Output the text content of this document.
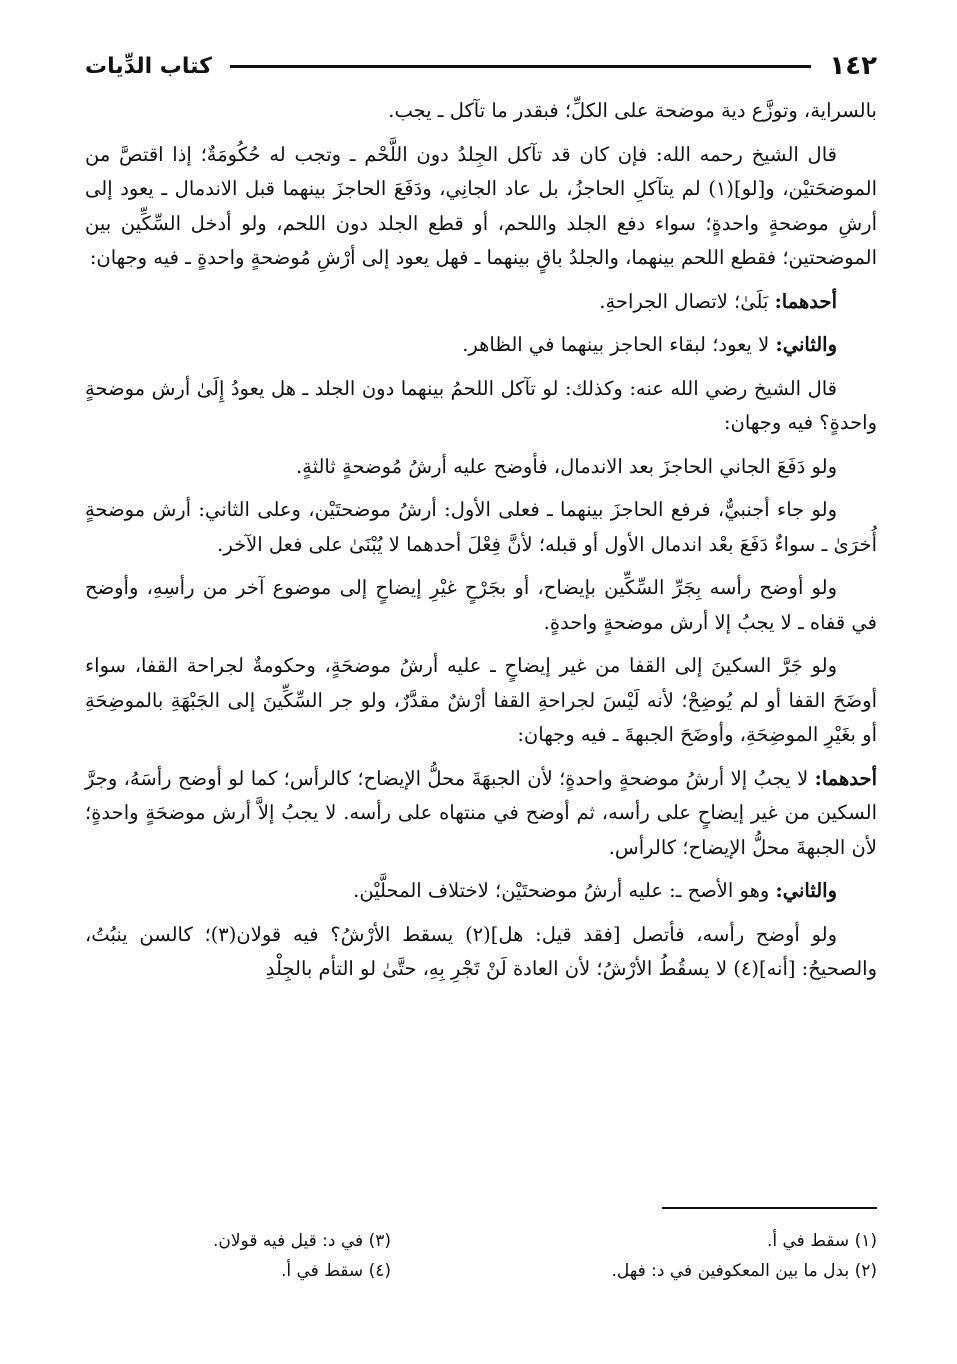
١٤٢
كتاب الدِّيات

بالسراية، وتوزَّع دية موضحة على الكلِّ؛ فبقدر ما تآكل ـ يجب.

قال الشيخ رحمه الله: فإن كان قد تآكل الجِلدُ دون اللَّحْم ـ وتجب له حُكُومَةٌ؛ إذا اقتصَّ من الموضحَتيْن، و[لو](١) لم يتآكلِ الحاجزُ، بل عاد الجانِي، ودَفَعَ الحاجزَ بينهما قبل الاندمال ـ يعود إلى أرشِ موضحةٍ واحدةٍ؛ سواء دفع الجلد واللحم، أو قطع الجلد دون اللحم، ولو أدخل السِّكِّين بين الموضحتين؛ فقطع اللحم بينهما، والجلدُ باقٍ بينهما ـ فهل يعود إلى أرْشِ مُوضحةٍ واحدةٍ ـ فيه وجهان:

أحدهما: بَلَىٰ؛ لاتصال الجراحةِ.

والثاني: لا يعود؛ لبقاء الحاجز بينهما في الظاهر.

قال الشيخ رضي الله عنه: وكذلك: لو تآكل اللحمُ بينهما دون الجلد ـ هل يعودُ إِلَىٰ أرش موضحةٍ واحدةٍ؟ فيه وجهان:

ولو دَفَعَ الجاني الحاجزَ بعد الاندمال، فأوضح عليه أرشُ مُوضحةٍ ثالثةٍ.

ولو جاء أجنبيٌّ، فرفع الحاجزَ بينهما ـ فعلى الأول: أرشُ موضحتَيْن، وعلى الثاني: أرش موضحةٍ أُخرَىٰ ـ سواءٌ دَفَعَ بعْد اندمال الأول أو قبله؛ لأنَّ فِعْلَ أحدهما لا يُبْنَىٰ على فعل الآخر.

ولو أوضح رأسه بِجَرِّ السِّكِّين بإيضاح، أو بجَرْحٍ غيْرِ إيضاحٍ إلى موضوع آخر من رأسِهِ، وأوضح في قفاه ـ لا يجبُ إلا أرش موضحةٍ واحدةٍ.

ولو جَرَّ السكينَ إلى القفا من غير إيضاحٍ ـ عليه أرشُ موضحَةٍ، وحكومةٌ لجراحة القفا، سواء أوضَحَ القفا أو لم يُوضِحْ؛ لأنه لَيْسَ لجراحةِ القفا أرْشٌ مقدَّرٌ، ولو جر السِّكِّينَ إلى الجَبْهَةِ بالموضِحَةِ أو بغَيْرِ الموضِحَةِ، وأوضَحَ الجبهةَ ـ فيه وجهان:

أحدهما: لا يجبُ إلا أرشُ موضحةٍ واحدةٍ؛ لأن الجبهَةَ محلُّ الإيضاح؛ كالرأس؛ كما لو أوضح رأسَهُ، وجرَّ السكين من غير إيضاحٍ على رأسه، ثم أوضح في منتهاه على رأسه. لا يجبُ إلاَّ أرش موضحَةٍ واحدةٍ؛ لأن الجبهةَ محلُّ الإيضاح؛ كالرأس.

والثاني: وهو الأصح ـ: عليه أرشُ موضحتَيْن؛ لاختلاف المحلَّيْن.

ولو أوضح رأسه، فأتصل [فقد قيل: هل](٢) يسقط الأرْشُ؟ فيه قولان(٣)؛ كالسن ينبُتُ، والصحيحُ: [أنه](٤) لا يسقُطُ الأرْشُ؛ لأن العادة لَنْ تَجْرِ بِهِ، حتَّىٰ لو التأم بالجِلْدِ

(١) سقط في أ.
(٢) بدل ما بين المعكوفين في د: فهل.
(٣) في د: قيل فيه قولان.
(٤) سقط في أ.
